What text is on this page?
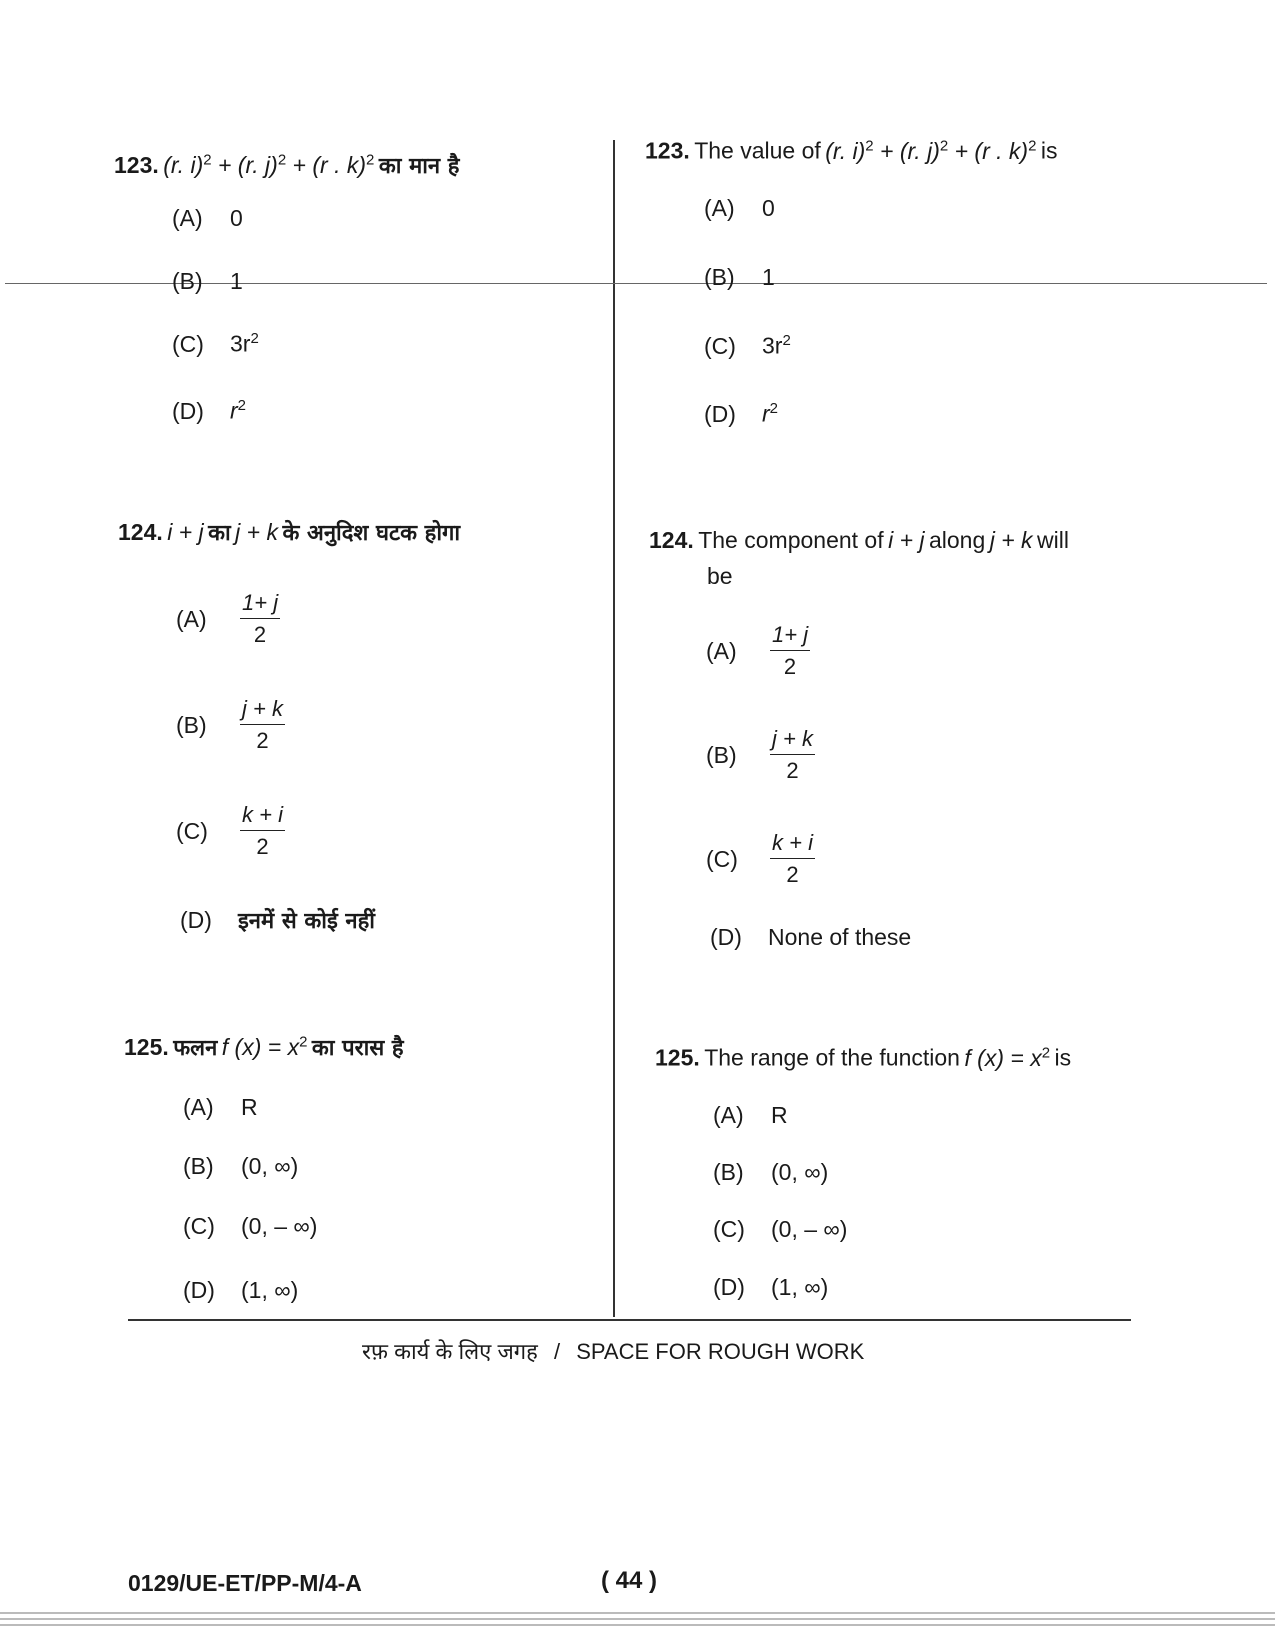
123. (r. i)$^2$ + (r. j)$^2$ + (r . k)$^2$ का मान है
(A) 0
(B) 1
(C) $3r^2$
(D) $r^2$
124. i + j का j + k के अनुदिश घटक होगा
(A)	$\frac{1+ j}{2}$
(B)	$\frac{j + k}{2}$
(C)	$\frac{k + i}{2}$
(D) इनमें से कोई नहीं
125. फलन f $(x) = x^2$ का परास है
(A) R
(B) (0, ∞)
(C) (0, – ∞)
(D) (1, ∞)
123. The value of (r. i)$^2$ + (r. j)$^2$ + (r . k)$^2$ is
(A) 0
(B) 1
(C) $3r^2$
(D) $r^2$
124. The component of i + j along j + k will
be
(A)	$\frac{1+ j}{2}$
(B)	$\frac{j + k}{2}$
(C)	$\frac{k + i}{2}$
(D) None of these
125. The range of the function f $(x) = x^2$ is
(A) R
(B) (0, ∞)
(C) (0, – ∞)
(D) (1, ∞)
रफ़ कार्य के लिए जगह / SPACE FOR ROUGH WORK
0129/UE-ET/PP-M/4-A	( 44 )
